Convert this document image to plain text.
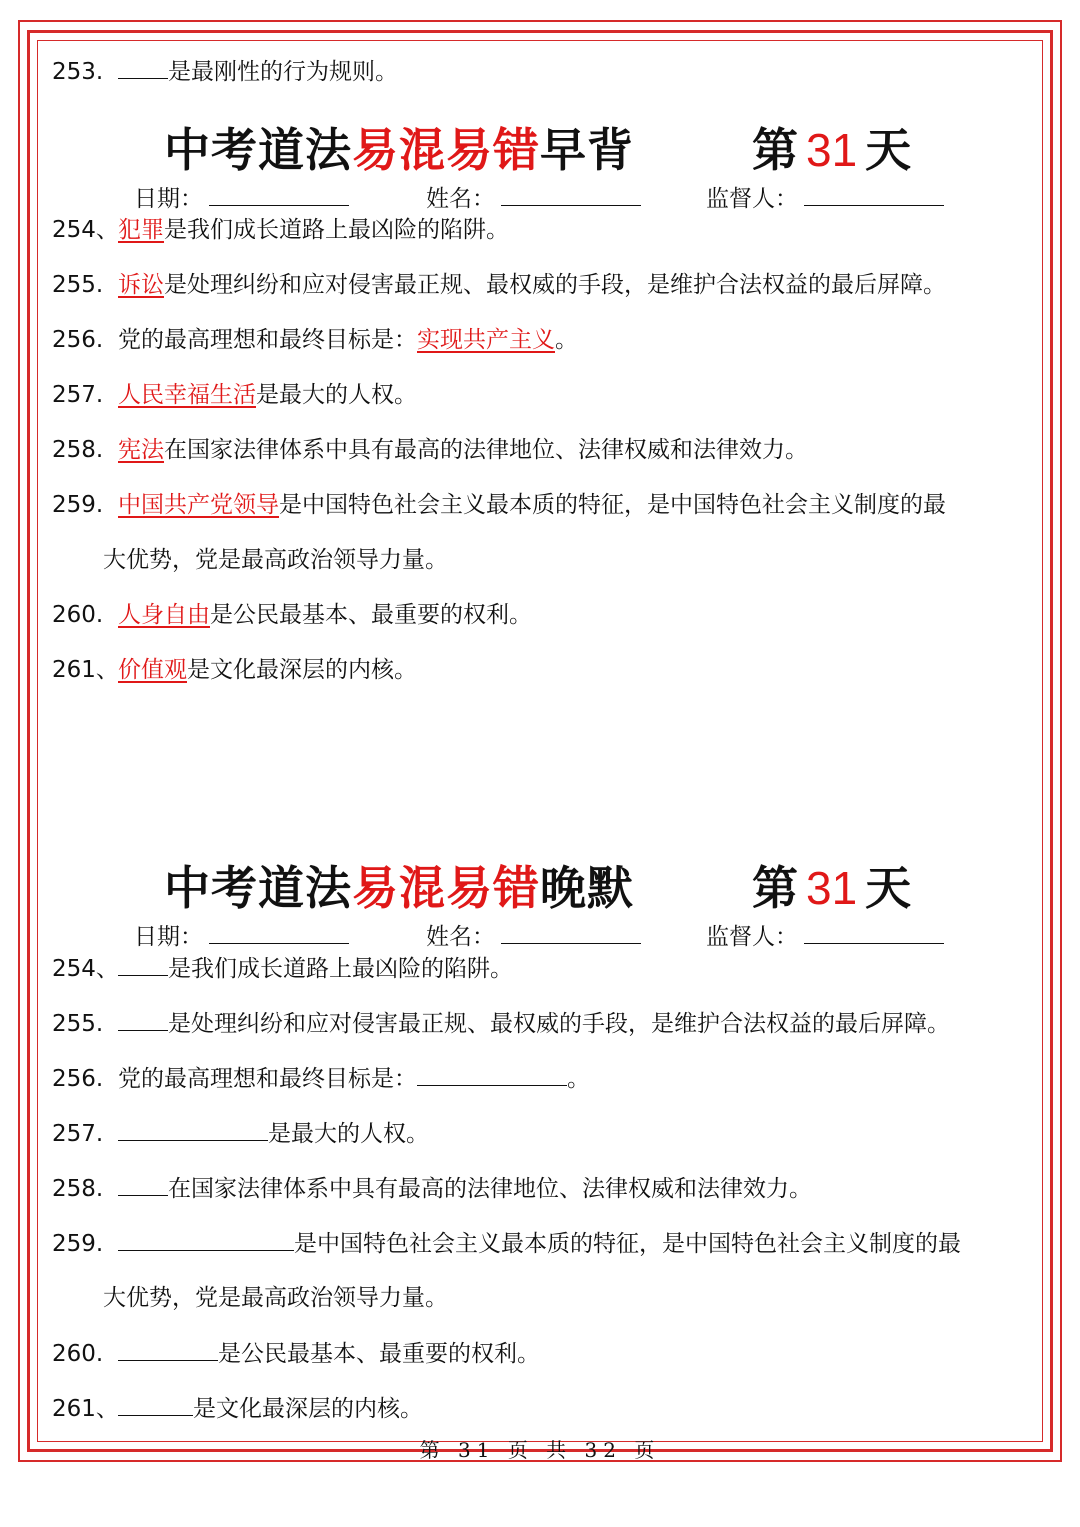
253.	是最刚性的行为规则。
中考道法易混易错早背	第 31 天
日期：	姓名：	监督人：
254、犯罪是我们成长道路上最凶险的陷阱。
255. 诉讼是处理纠纷和应对侵害最正规、最权威的手段，是维护合法权益的最后屏障。
256. 党的最高理想和最终目标是：实现共产主义。
257. 人民幸福生活是最大的人权。
258. 宪法在国家法律体系中具有最高的法律地位、法律权威和法律效力。
259. 中国共产党领导是中国特色社会主义最本质的特征，是中国特色社会主义制度的最
大优势，党是最高政治领导力量。
260. 人身自由是公民最基本、最重要的权利。
261、价值观是文化最深层的内核。
中考道法易混易错晚默	第 31 天
日期：	姓名：	监督人：
254、 是我们成长道路上最凶险的陷阱。
255.	是处理纠纷和应对侵害最正规、最权威的手段，是维护合法权益的最后屏障。
256. 党的最高理想和最终目标是：	。
257.	是最大的人权。
258.	在国家法律体系中具有最高的法律地位、法律权威和法律效力。
259.	是中国特色社会主义最本质的特征，是中国特色社会主义制度的最
大优势，党是最高政治领导力量。
260.	是公民最基本、最重要的权利。
261、	是文化最深层的内核。
第 31 页 共 32 页
